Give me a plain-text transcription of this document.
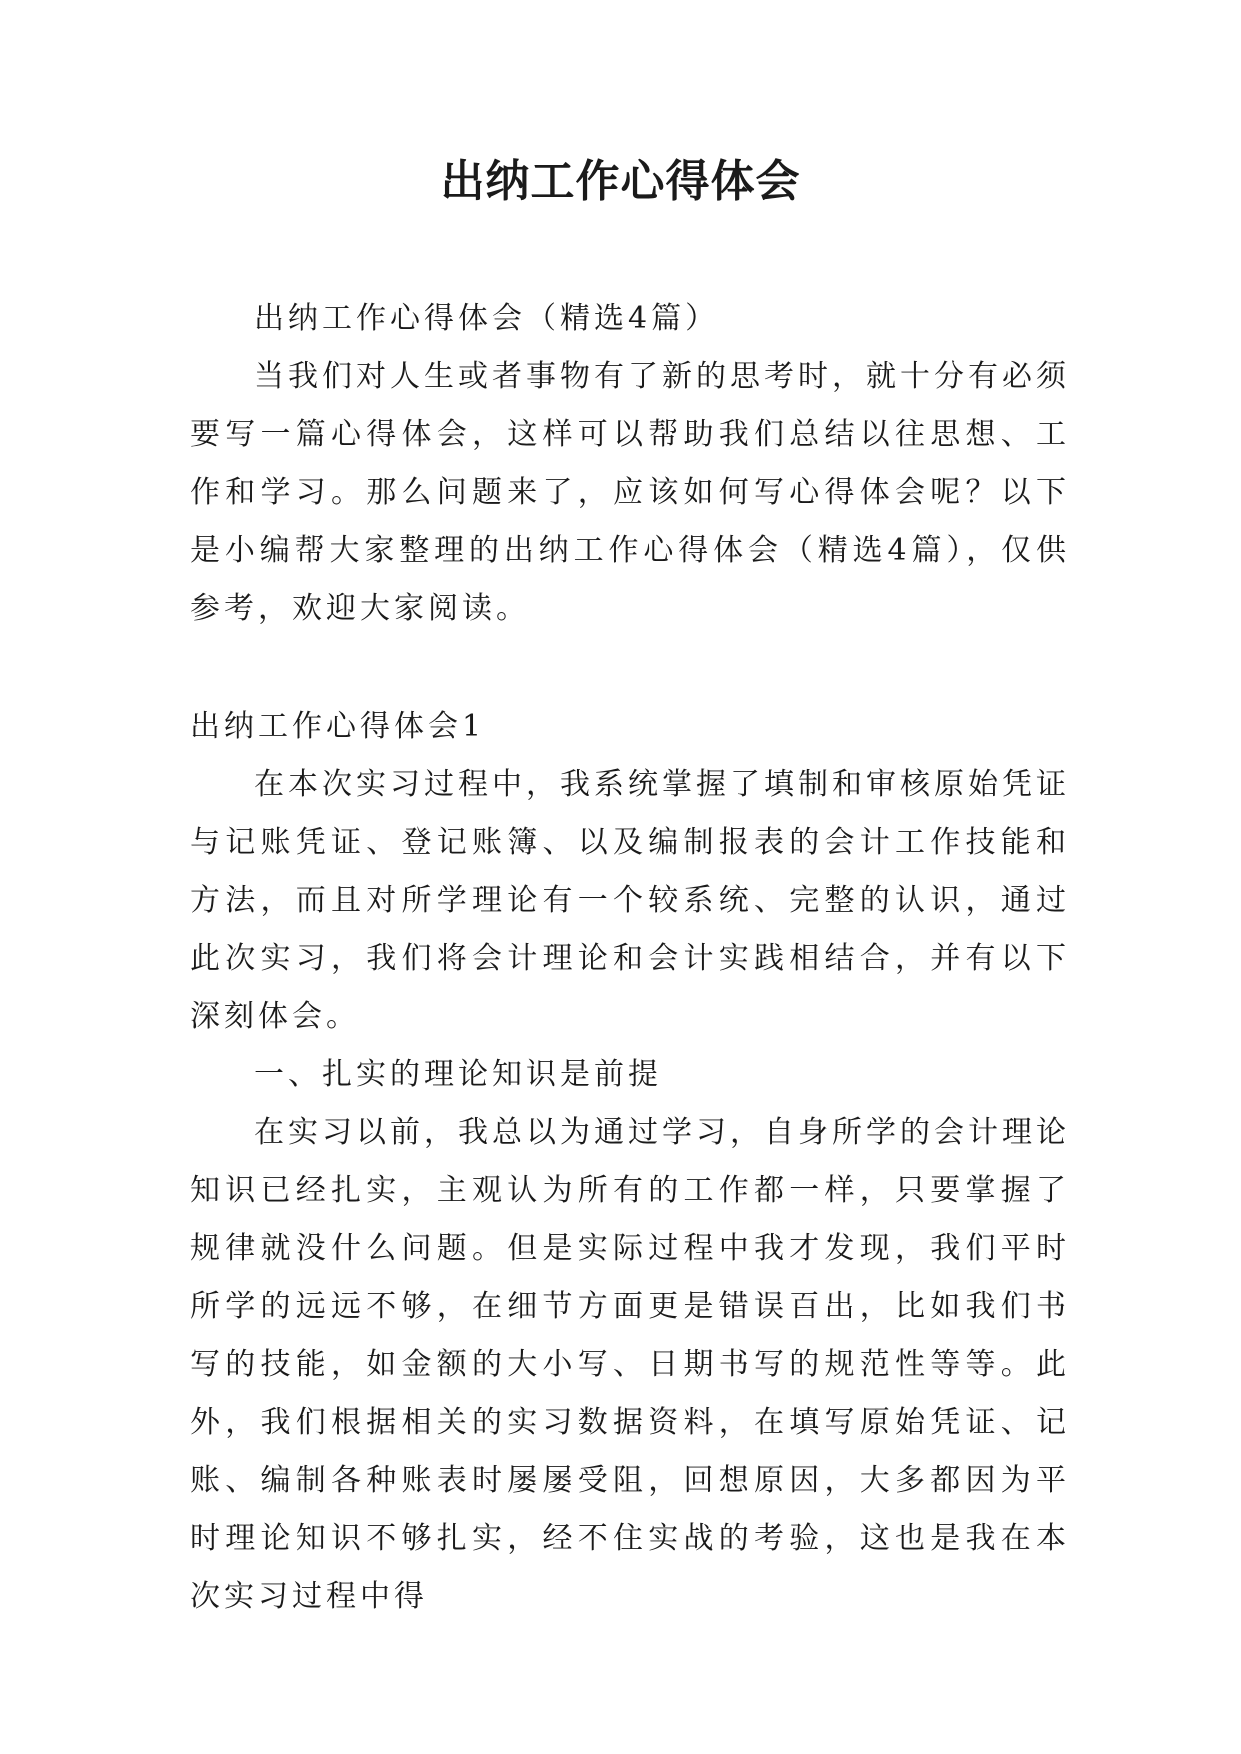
出纳工作心得体会

出纳工作心得体会（精选4篇）

当我们对人生或者事物有了新的思考时，就十分有必须要写一篇心得体会，这样可以帮助我们总结以往思想、工作和学习。那么问题来了，应该如何写心得体会呢？以下是小编帮大家整理的出纳工作心得体会（精选4篇），仅供参考，欢迎大家阅读。

出纳工作心得体会1

在本次实习过程中，我系统掌握了填制和审核原始凭证与记账凭证、登记账簿、以及编制报表的会计工作技能和方法，而且对所学理论有一个较系统、完整的认识，通过此次实习，我们将会计理论和会计实践相结合，并有以下深刻体会。

一、扎实的理论知识是前提

在实习以前，我总以为通过学习，自身所学的会计理论知识已经扎实，主观认为所有的工作都一样，只要掌握了规律就没什么问题。但是实际过程中我才发现，我们平时所学的远远不够，在细节方面更是错误百出，比如我们书写的技能，如金额的大小写、日期书写的规范性等等。此外，我们根据相关的实习数据资料，在填写原始凭证、记账、编制各种账表时屡屡受阻，回想原因，大多都因为平时理论知识不够扎实，经不住实战的考验，这也是我在本次实习过程中得
